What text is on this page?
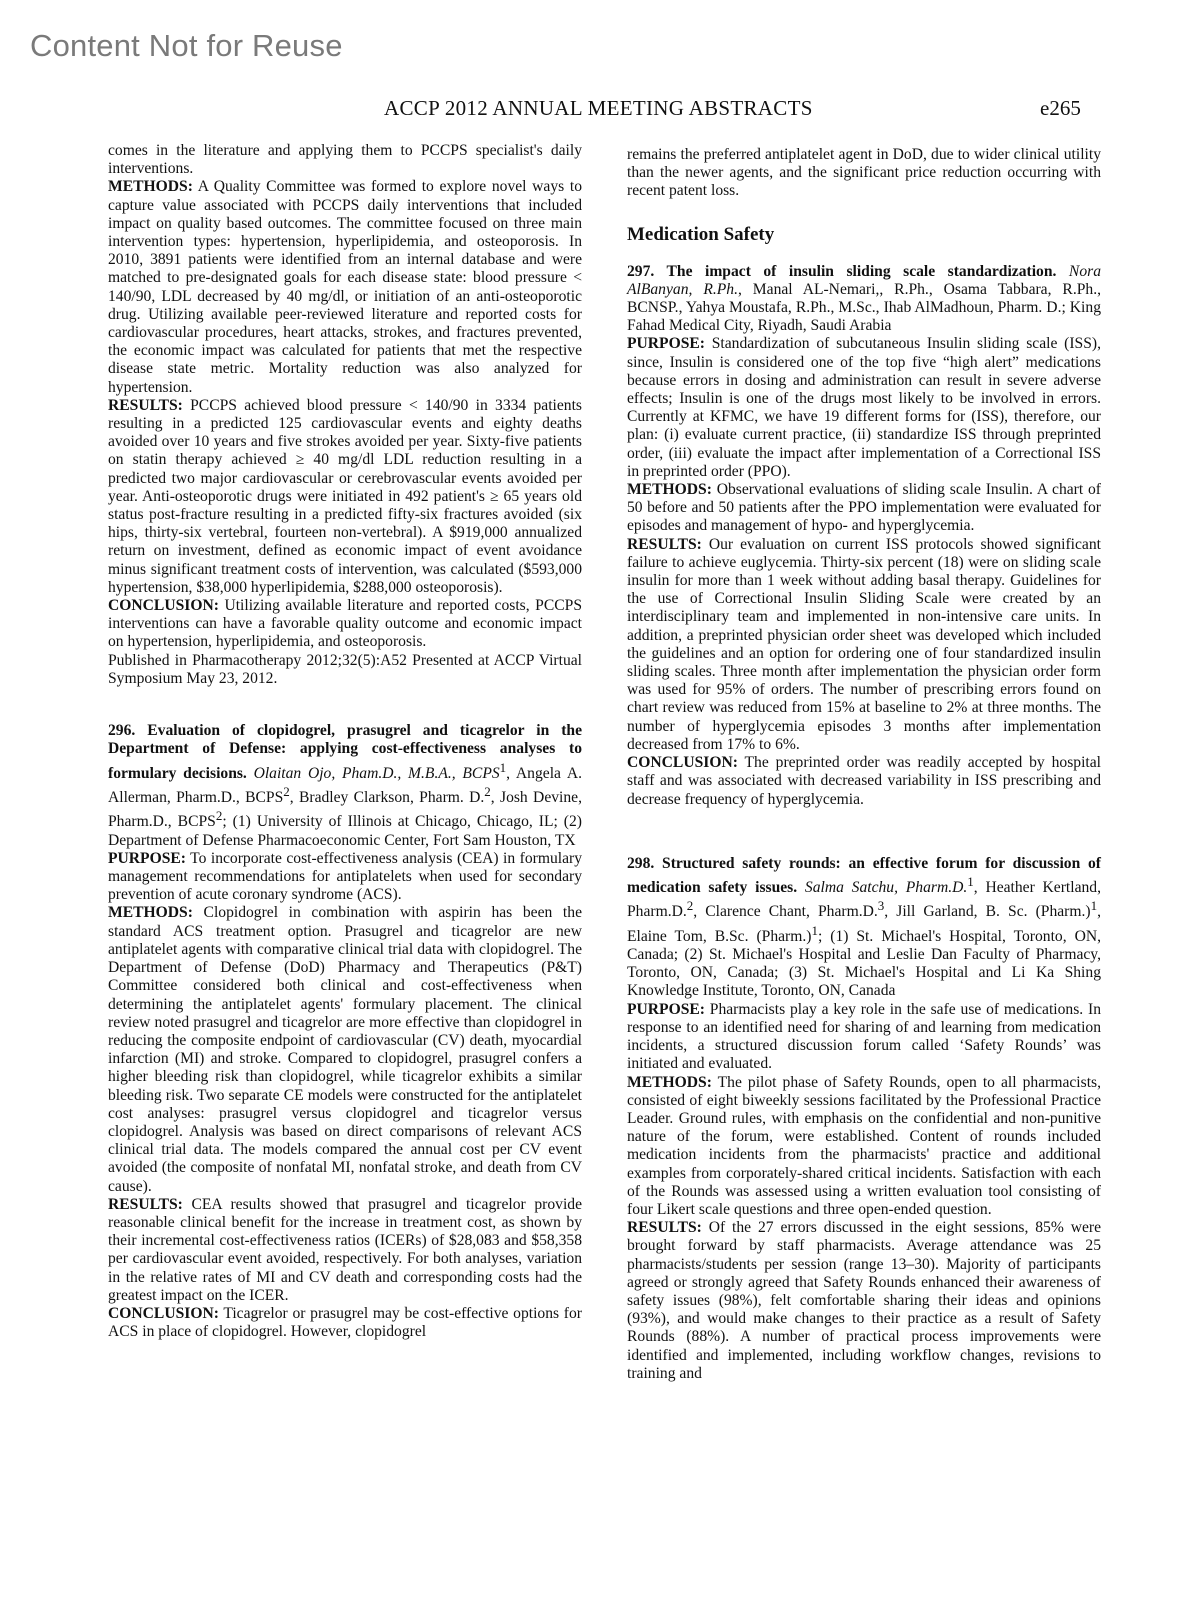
Content Not for Reuse
ACCP 2012 ANNUAL MEETING ABSTRACTS	e265

comes in the literature and applying them to PCCPS specialist's daily interventions.

METHODS: A Quality Committee was formed to explore novel ways to capture value associated with PCCPS daily interventions that included impact on quality based outcomes. The committee focused on three main intervention types: hypertension, hyperlipidemia, and osteoporosis. In 2010, 3891 patients were identified from an internal database and were matched to pre-designated goals for each disease state: blood pressure < 140/90, LDL decreased by 40 mg/dl, or initiation of an anti-osteoporotic drug. Utilizing available peer-reviewed literature and reported costs for cardiovascular procedures, heart attacks, strokes, and fractures prevented, the economic impact was calculated for patients that met the respective disease state metric. Mortality reduction was also analyzed for hypertension.

RESULTS: PCCPS achieved blood pressure < 140/90 in 3334 patients resulting in a predicted 125 cardiovascular events and eighty deaths avoided over 10 years and five strokes avoided per year. Sixty-five patients on statin therapy achieved ≥ 40 mg/dl LDL reduction resulting in a predicted two major cardiovascular or cerebrovascular events avoided per year. Anti-osteoporotic drugs were initiated in 492 patient's ≥ 65 years old status post-fracture resulting in a predicted fifty-six fractures avoided (six hips, thirty-six vertebral, fourteen non-vertebral). A $919,000 annualized return on investment, defined as economic impact of event avoidance minus significant treatment costs of intervention, was calculated ($593,000 hypertension, $38,000 hyperlipidemia, $288,000 osteoporosis).

CONCLUSION: Utilizing available literature and reported costs, PCCPS interventions can have a favorable quality outcome and economic impact on hypertension, hyperlipidemia, and osteoporosis.

Published in Pharmacotherapy 2012;32(5):A52 Presented at ACCP Virtual Symposium May 23, 2012.

296. Evaluation of clopidogrel, prasugrel and ticagrelor in the Department of Defense: applying cost-effectiveness analyses to formulary decisions. Olaitan Ojo, Pham.D., M.B.A., BCPS$^1$, Angela A. Allerman, Pharm.D., BCPS$^2$, Bradley Clarkson, Pharm. D.$^2$, Josh Devine, Pharm.D., BCPS$^2$; (1) University of Illinois at Chicago, Chicago, IL; (2) Department of Defense Pharmacoeconomic Center, Fort Sam Houston, TX

PURPOSE: To incorporate cost-effectiveness analysis (CEA) in formulary management recommendations for antiplatelets when used for secondary prevention of acute coronary syndrome (ACS).

METHODS: Clopidogrel in combination with aspirin has been the standard ACS treatment option. Prasugrel and ticagrelor are new antiplatelet agents with comparative clinical trial data with clopidogrel. The Department of Defense (DoD) Pharmacy and Therapeutics (P&T) Committee considered both clinical and cost-effectiveness when determining the antiplatelet agents' formulary placement. The clinical review noted prasugrel and ticagrelor are more effective than clopidogrel in reducing the composite endpoint of cardiovascular (CV) death, myocardial infarction (MI) and stroke. Compared to clopidogrel, prasugrel confers a higher bleeding risk than clopidogrel, while ticagrelor exhibits a similar bleeding risk. Two separate CE models were constructed for the antiplatelet cost analyses: prasugrel versus clopidogrel and ticagrelor versus clopidogrel. Analysis was based on direct comparisons of relevant ACS clinical trial data. The models compared the annual cost per CV event avoided (the composite of nonfatal MI, nonfatal stroke, and death from CV cause).

RESULTS: CEA results showed that prasugrel and ticagrelor provide reasonable clinical benefit for the increase in treatment cost, as shown by their incremental cost-effectiveness ratios (ICERs) of $28,083 and $58,358 per cardiovascular event avoided, respectively. For both analyses, variation in the relative rates of MI and CV death and corresponding costs had the greatest impact on the ICER.

CONCLUSION: Ticagrelor or prasugrel may be cost-effective options for ACS in place of clopidogrel. However, clopidogrel

remains the preferred antiplatelet agent in DoD, due to wider clinical utility than the newer agents, and the significant price reduction occurring with recent patent loss.

Medication Safety

297. The impact of insulin sliding scale standardization. Nora AlBanyan, R.Ph., Manal AL-Nemari,, R.Ph., Osama Tabbara, R.Ph., BCNSP., Yahya Moustafa, R.Ph., M.Sc., Ihab AlMadhoun, Pharm. D.; King Fahad Medical City, Riyadh, Saudi Arabia

PURPOSE: Standardization of subcutaneous Insulin sliding scale (ISS), since, Insulin is considered one of the top five “high alert” medications because errors in dosing and administration can result in severe adverse effects; Insulin is one of the drugs most likely to be involved in errors. Currently at KFMC, we have 19 different forms for (ISS), therefore, our plan: (i) evaluate current practice, (ii) standardize ISS through preprinted order, (iii) evaluate the impact after implementation of a Correctional ISS in preprinted order (PPO).

METHODS: Observational evaluations of sliding scale Insulin. A chart of 50 before and 50 patients after the PPO implementation were evaluated for episodes and management of hypo- and hyperglycemia.

RESULTS: Our evaluation on current ISS protocols showed significant failure to achieve euglycemia. Thirty-six percent (18) were on sliding scale insulin for more than 1 week without adding basal therapy. Guidelines for the use of Correctional Insulin Sliding Scale were created by an interdisciplinary team and implemented in non-intensive care units. In addition, a preprinted physician order sheet was developed which included the guidelines and an option for ordering one of four standardized insulin sliding scales. Three month after implementation the physician order form was used for 95% of orders. The number of prescribing errors found on chart review was reduced from 15% at baseline to 2% at three months. The number of hyperglycemia episodes 3 months after implementation decreased from 17% to 6%.

CONCLUSION: The preprinted order was readily accepted by hospital staff and was associated with decreased variability in ISS prescribing and decrease frequency of hyperglycemia.

298. Structured safety rounds: an effective forum for discussion of medication safety issues. Salma Satchu, Pharm.D.$^1$, Heather Kertland, Pharm.D.$^2$, Clarence Chant, Pharm.D.$^3$, Jill Garland, B. Sc. (Pharm.)$^1$, Elaine Tom, B.Sc. (Pharm.)$^1$; (1) St. Michael's Hospital, Toronto, ON, Canada; (2) St. Michael's Hospital and Leslie Dan Faculty of Pharmacy, Toronto, ON, Canada; (3) St. Michael's Hospital and Li Ka Shing Knowledge Institute, Toronto, ON, Canada

PURPOSE: Pharmacists play a key role in the safe use of medications. In response to an identified need for sharing of and learning from medication incidents, a structured discussion forum called ‘Safety Rounds’ was initiated and evaluated.

METHODS: The pilot phase of Safety Rounds, open to all pharmacists, consisted of eight biweekly sessions facilitated by the Professional Practice Leader. Ground rules, with emphasis on the confidential and non-punitive nature of the forum, were established. Content of rounds included medication incidents from the pharmacists' practice and additional examples from corporately-shared critical incidents. Satisfaction with each of the Rounds was assessed using a written evaluation tool consisting of four Likert scale questions and three open-ended question.

RESULTS: Of the 27 errors discussed in the eight sessions, 85% were brought forward by staff pharmacists. Average attendance was 25 pharmacists/students per session (range 13–30). Majority of participants agreed or strongly agreed that Safety Rounds enhanced their awareness of safety issues (98%), felt comfortable sharing their ideas and opinions (93%), and would make changes to their practice as a result of Safety Rounds (88%). A number of practical process improvements were identified and implemented, including workflow changes, revisions to training and
